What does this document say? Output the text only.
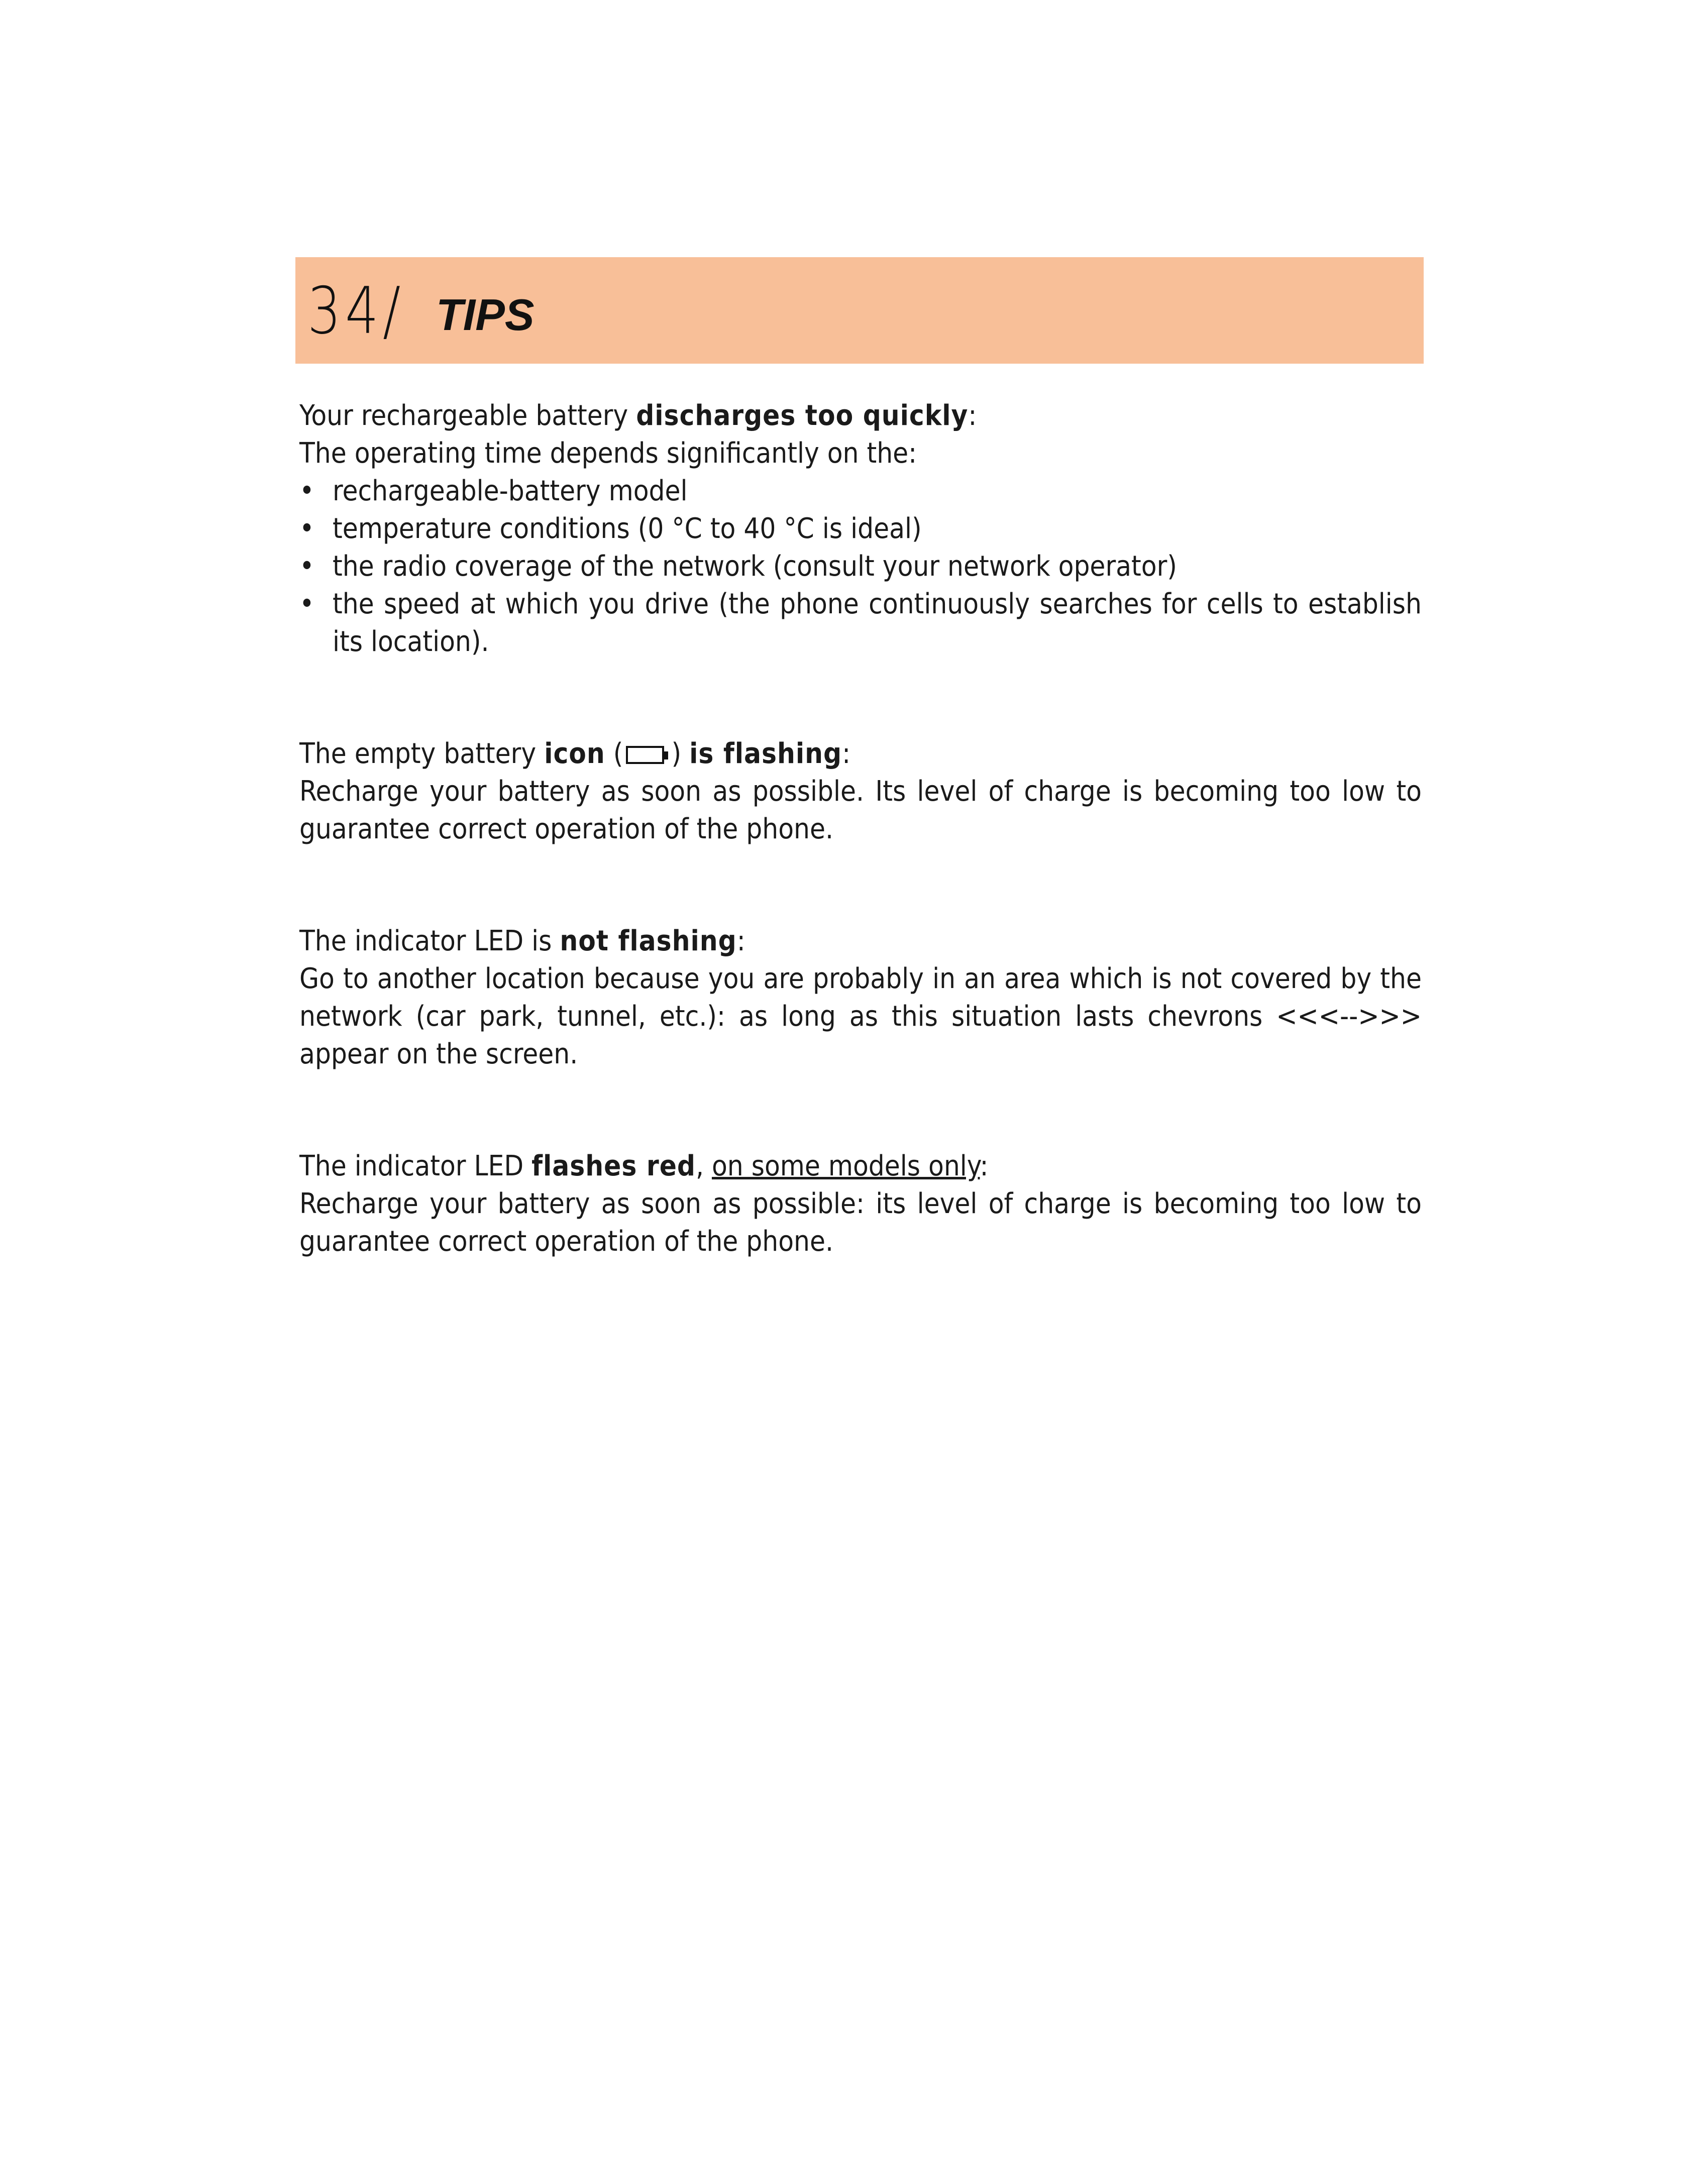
34/ TIPS

Your rechargeable battery discharges too quickly:

The operating time depends significantly on the:

• rechargeable-battery model
• temperature conditions (0 °C to 40 °C is ideal)
• the radio coverage of the network (consult your network operator)
• the speed at which you drive (the phone continuously searches for cells to establish its location).

The empty battery icon ( ) is flashing:

Recharge your battery as soon as possible. Its level of charge is becoming too low to guarantee correct operation of the phone.

The indicator LED is not flashing:

Go to another location because you are probably in an area which is not covered by the network (car park, tunnel, etc.): as long as this situation lasts chevrons <<<-->>> appear on the screen.

The indicator LED flashes red, on some models only:

Recharge your battery as soon as possible: its level of charge is becoming too low to guarantee correct operation of the phone.
